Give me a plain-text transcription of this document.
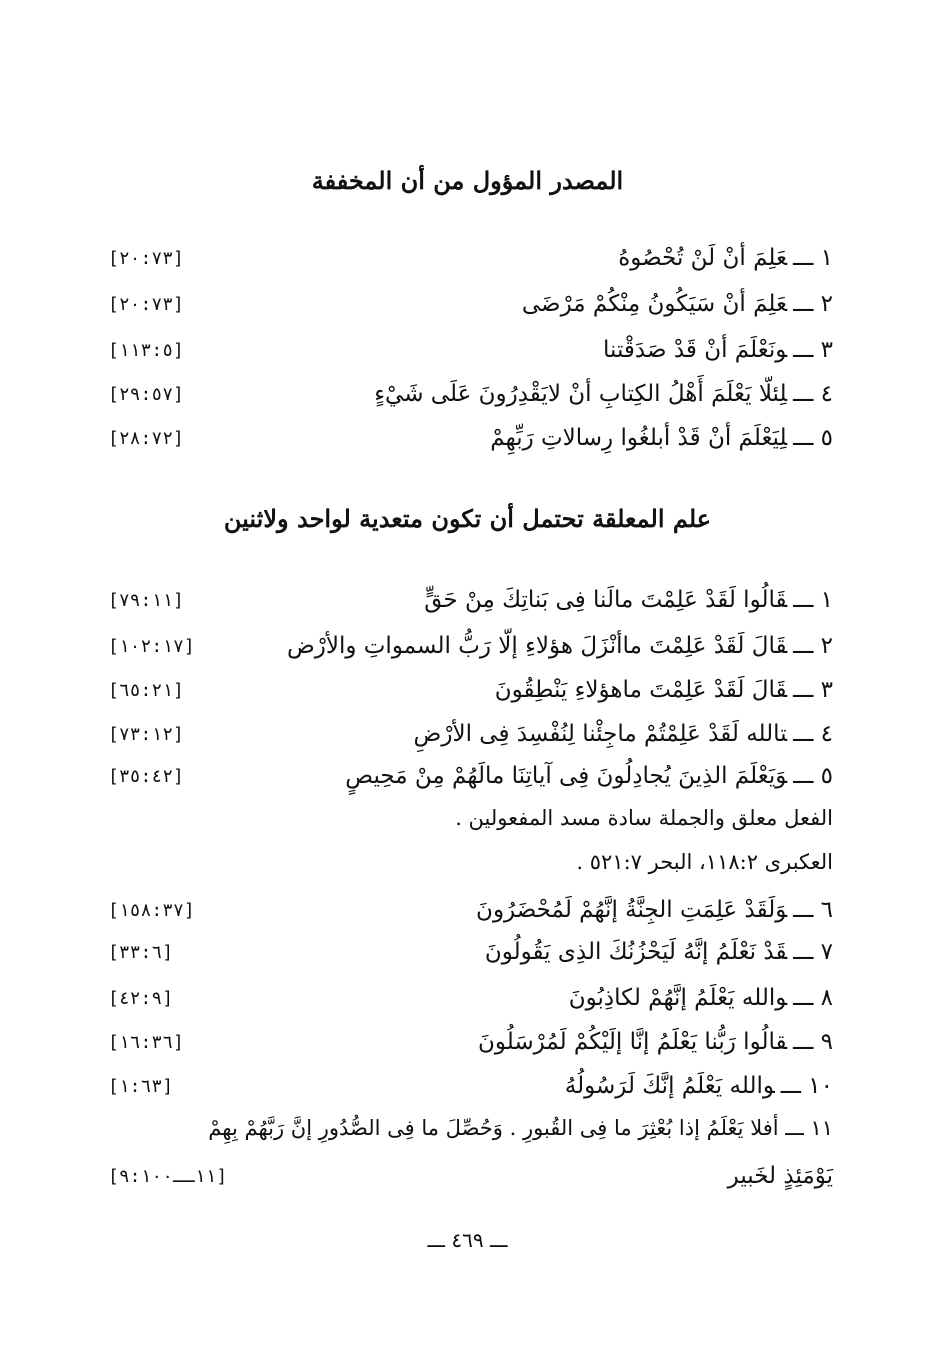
المصدر المؤول من أن المخففة
١ ـــعَلِمَ أنْ لَنْ تُحْصُوهُ
[٢٠:٧٣]
٢ ـــعَلِمَ أنْ سَيَكُونُ مِنْكُمْ مَرْضَى
[٢٠:٧٣]
٣ ـــونَعْلَمَ أنْ قَدْ صَدَقْتنا
[١١٣:٥]
٤ ـــلِئلّا يَعْلَمَ أَهْلُ الكِتابِ أنْ لايَقْدِرُونَ عَلَى شَيْءٍ
[٢٩:٥٧]
٥ ـــلِيَعْلَمَ أنْ قَدْ أبلغُوا رِسالاتِ رَبِّهِمْ
[٢٨:٧٢]
علم المعلقة تحتمل أن تكون متعدية لواحد ولاثنين
١ ـــقَالُوا لَقَدْ عَلِمْتَ مالَنا فِى بَناتِكَ مِنْ حَقٍّ
[٧٩:١١]
٢ ـــقَالَ لَقَدْ عَلِمْتَ ماأنْزَلَ هؤلاءِ إلّا رَبُّ السمواتِ والأرْض
[١٠٢:١٧]
٣ ـــقَالَ لَقَدْ عَلِمْتَ ماهؤلاءِ يَنْطِقُونَ
[٦٥:٢١]
٤ ـــتالله لَقَدْ عَلِمْتُمْ ماجِئْنا لِنُفْسِدَ فِى الأرْضِ
[٧٣:١٢]
٥ ـــوَيَعْلَمَ الذِينَ يُجادِلُونَ فِى آياتِنَا مالَهُمْ مِنْ مَحِيصٍ
[٣٥:٤٢]
الفعل معلق والجملة سادة مسد المفعولين .
العكبرى ١١٨:٢، البحر ٥٢١:٧ .
٦ ـــوَلَقَدْ عَلِمَتِ الجِنَّةُ إنَّهُمْ لَمُحْضَرُونَ
[١٥٨:٣٧]
٧ ـــقَدْ نَعْلَمُ إنَّهُ لَيَحْزُنُكَ الذِى يَقُولُونَ
[٣٣:٦]
٨ ـــوالله يَعْلَمُ إنَّهُمْ لكاذِبُونَ
[٤٢:٩]
٩ ـــقالُوا رَبُّنا يَعْلَمُ إنَّا إلَيْكُمْ لَمُرْسَلُونَ
[١٦:٣٦]
١٠ ـــوالله يَعْلَمُ إنَّكَ لَرَسُولُهُ
[١:٦٣]
١١ ـــ أفلا يَعْلَمُ إذا بُعْثِرَ ما فِى القُبورِ . وَحُصِّلَ ما فِى الصُّدُورِ إنَّ رَبَّهُمْ بِهِمْ
يَوْمَئِذٍ لخَبير
[١١ــ٩:١٠٠]
ـــ ٤٦٩ ـــ
